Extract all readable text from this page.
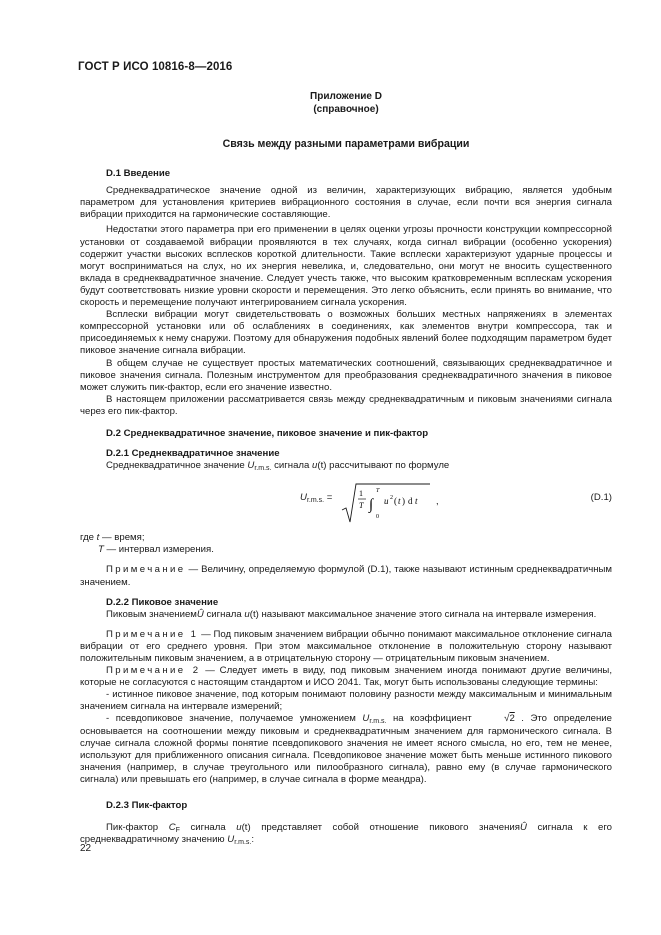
ГОСТ Р ИСО 10816-8—2016
Приложение D
(справочное)
Связь между разными параметрами вибрации
D.1 Введение

Среднеквадратическое значение одной из величин, характеризующих вибрацию, является удобным параметром для установления критериев вибрационного состояния в случае, если почти вся энергия сигнала вибрации приходится на гармонические составляющие.

Недостатки этого параметра при его применении в целях оценки угрозы прочности конструкции компрессорной установки от создаваемой вибрации проявляются в тех случаях, когда сигнал вибрации (особенно ускорения) содержит участки высоких всплесков короткой длительности. Такие всплески характеризуют ударные процессы и могут восприниматься на слух, но их энергия невелика, и, следовательно, они могут не вносить существенного вклада в среднеквадратичное значение. Следует учесть также, что высоким кратковременным всплескам ускорения будут соответствовать низкие уровни скорости и перемещения. Это легко объяснить, если принять во внимание, что скорость и перемещение получают интегрированием сигнала ускорения.

Всплески вибрации могут свидетельствовать о возможных больших местных напряжениях в элементах компрессорной установки или об ослаблениях в соединениях, как элементов внутри компрессора, так и присоединяемых к нему снаружи. Поэтому для обнаружения подобных явлений более подходящим параметром будет пиковое значение сигнала вибрации.

В общем случае не существует простых математических соотношений, связывающих среднеквадратичное и пиковое значения сигнала. Полезным инструментом для преобразования среднеквадратичного значения в пиковое может служить пик-фактор, если его значение известно.

В настоящем приложении рассматривается связь между среднеквадратичным и пиковым значениями сигнала через его пик-фактор.

D.2 Среднеквадратичное значение, пиковое значение и пик-фактор
D.2.1 Среднеквадратичное значение

Среднеквадратичное значение $U_{r.m.s.}$ сигнала u(t) рассчитывают по формуле

$U_{r.m.s.}$ =	1
T ∫
T
0
u 2 ( t ) d t ,	(D.1)

где t — время;

T — интервал измерения.

Примечание — Величину, определяемую формулой (D.1), также называют истинным среднеквадратичным значением.

D.2.2 Пиковое значение

Пиковым значениемÛ сигнала u(t) называют максимальное значение этого сигнала на интервале измерения.

Примечание 1 — Под пиковым значением вибрации обычно понимают максимальное отклонение сигнала вибрации от его среднего уровня. При этом максимальное отклонение в положительную сторону называют положительным пиковым значением, а в отрицательную сторону — отрицательным пиковым значением.

Примечание 2 — Следует иметь в виду, под пиковым значением иногда понимают другие величины, которые не согласуются с настоящим стандартом и ИСО 2041. Так, могут быть использованы следующие термины:

- истинное пиковое значение, под которым понимают половину разности между максимальным и минимальным значением сигнала на интервале измерений;

- псевдопиковое значение, получаемое умножением $U_{r.m.s.}$ на коэффициент	√2 . Это определение основывается на соотношении между пиковым и среднеквадратичным значением для гармонического сигнала. В случае сигнала сложной формы понятие псевдопикового значения не имеет ясного смысла, но его, тем не менее, используют для приближенного описания сигнала. Псевдопиковое значение может быть меньше истинного пикового значения (например, в случае треугольного или пилообразного сигнала), равно ему (в случае гармонического сигнала) или превышать его (например, в случае сигнала в форме меандра).

D.2.3 Пик-фактор

Пик-фактор $C_F$ сигнала u(t) представляет собой отношение пикового значенияÛ сигнала к его среднеквадратичному значению $U_{r.m.s.}$:

22
